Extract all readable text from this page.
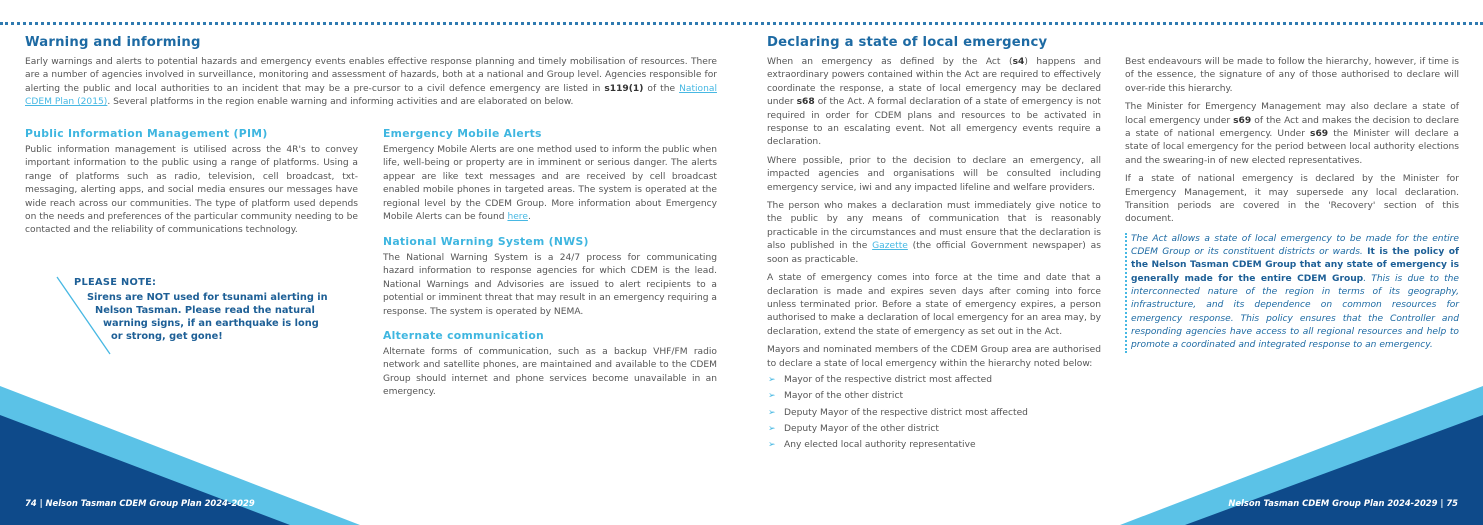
Warning and informing

Early warnings and alerts to potential hazards and emergency events enables effective response planning and timely mobilisation of resources. There are a number of agencies involved in surveillance, monitoring and assessment of hazards, both at a national and Group level. Agencies responsible for alerting the public and local authorities to an incident that may be a pre-cursor to a civil defence emergency are listed in s119(1) of the National CDEM Plan (2015). Several platforms in the region enable warning and informing activities and are elaborated on below.

Public Information Management (PIM)

Public information management is utilised across the 4R's to convey important information to the public using a range of platforms. Using a range of platforms such as radio, television, cell broadcast, txt-messaging, alerting apps, and social media ensures our messages have wide reach across our communities. The type of platform used depends on the needs and preferences of the particular community needing to be contacted and the reliability of communications technology.

PLEASE NOTE:
Sirens are NOT used for tsunami alerting in
Nelson Tasman. Please read the natural
warning signs, if an earthquake is long
or strong, get gone!
Emergency Mobile Alerts

Emergency Mobile Alerts are one method used to inform the public when life, well-being or property are in imminent or serious danger. The alerts appear are like text messages and are received by cell broadcast enabled mobile phones in targeted areas. The system is operated at the regional level by the CDEM Group. More information about Emergency Mobile Alerts can be found here.

National Warning System (NWS)

The National Warning System is a 24/7 process for communicating hazard information to response agencies for which CDEM is the lead. National Warnings and Advisories are issued to alert recipients to a potential or imminent threat that may result in an emergency requiring a response. The system is operated by NEMA.

Alternate communication

Alternate forms of communication, such as a backup VHF/FM radio network and satellite phones, are maintained and available to the CDEM Group should internet and phone services become unavailable in an emergency.

74 | Nelson Tasman CDEM Group Plan 2024-2029
Declaring a state of local emergency

When an emergency as defined by the Act (s4) happens and extraordinary powers contained within the Act are required to effectively coordinate the response, a state of local emergency may be declared under s68 of the Act. A formal declaration of a state of emergency is not required in order for CDEM plans and resources to be activated in response to an escalating event. Not all emergency events require a declaration.

Where possible, prior to the decision to declare an emergency, all impacted agencies and organisations will be consulted including emergency service, iwi and any impacted lifeline and welfare providers.

The person who makes a declaration must immediately give notice to the public by any means of communication that is reasonably practicable in the circumstances and must ensure that the declaration is also published in the Gazette (the official Government newspaper) as soon as practicable.

A state of emergency comes into force at the time and date that a declaration is made and expires seven days after coming into force unless terminated prior. Before a state of emergency expires, a person authorised to make a declaration of local emergency for an area may, by declaration, extend the state of emergency as set out in the Act.

Mayors and nominated members of the CDEM Group area are authorised to declare a state of local emergency within the hierarchy noted below:

➢ Mayor of the respective district most affected
➢ Mayor of the other district
➢ Deputy Mayor of the respective district most affected
➢ Deputy Mayor of the other district
➢ Any elected local authority representative

Best endeavours will be made to follow the hierarchy, however, if time is of the essence, the signature of any of those authorised to declare will over-ride this hierarchy.

The Minister for Emergency Management may also declare a state of local emergency under s69 of the Act and makes the decision to declare a state of national emergency. Under s69 the Minister will declare a state of local emergency for the period between local authority elections and the swearing-in of new elected representatives.

If a state of national emergency is declared by the Minister for Emergency Management, it may supersede any local declaration. Transition periods are covered in the 'Recovery' section of this document.

The Act allows a state of local emergency to be made for the entire CDEM Group or its constituent districts or wards. It is the policy of the Nelson Tasman CDEM Group that any state of emergency is generally made for the entire CDEM Group. This is due to the interconnected nature of the region in terms of its geography, infrastructure, and its dependence on common resources for emergency response. This policy ensures that the Controller and responding agencies have access to all regional resources and help to promote a coordinated and integrated response to an emergency.
Nelson Tasman CDEM Group Plan 2024-2029 | 75
